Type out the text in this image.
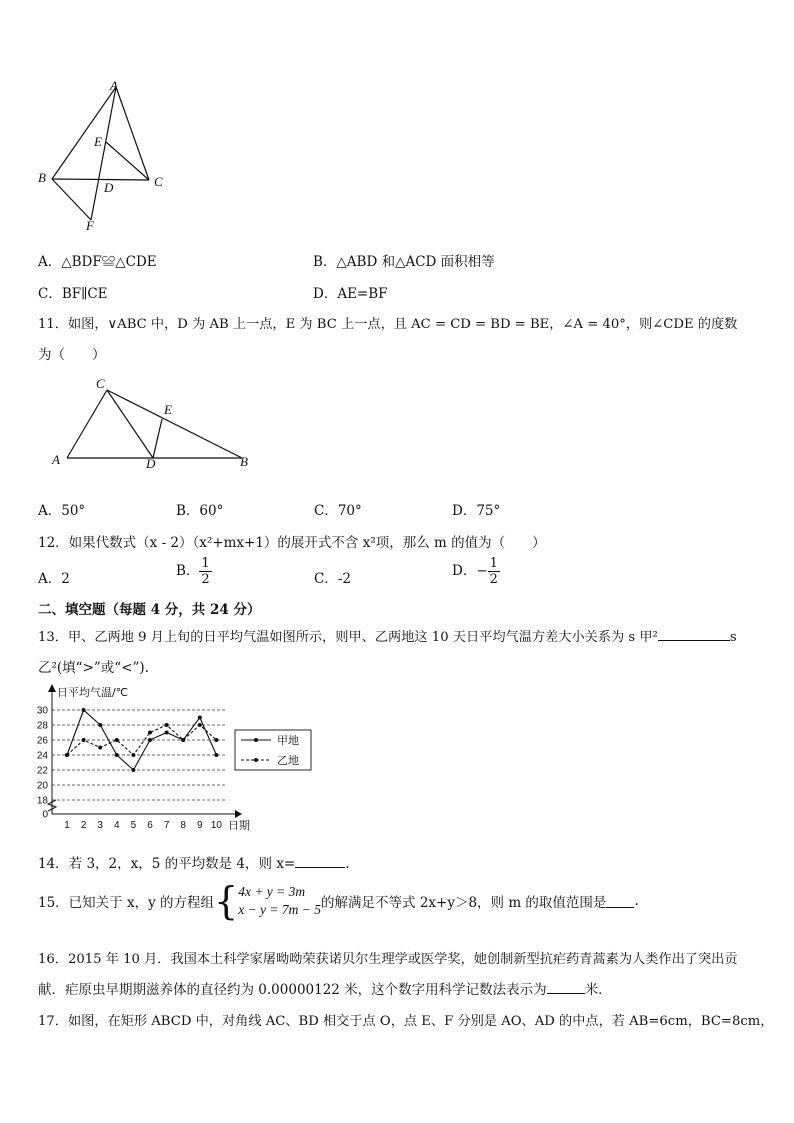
A
B	C
D
E
F
A．△BDF≌△CDE	B．△ABD 和△ACD 面积相等
C．BF∥CE	D．AE=BF
11．如图，∨ABC 中，D 为 AB 上一点，E 为 BC 上一点，且 AC = CD = BD = BE，∠A = 40°，则∠CDE 的度数
为（　　）
C
A	D
E
B
A．50°	B．60°	C．70°	D．75°
12．如果代数式（x - 2）（x²+mx+1）的展开式不含 x²项，那么 m 的值为（　　）
A．2	B． $\frac{1}{2}$	C．-2	D．− $\frac{1}{2}$
二、填空题（每题 4 分，共 24 分）
13．甲、乙两地 9 月上旬的日平均气温如图所示，则甲、乙两地这 10 天日平均气温方差大小关系为 s 甲²	s
乙²(填“>”或“<”).
0
18
20
22
24
26
28
30
1 2 3 4 5 6 7 8 9 10
日平均气温/℃
日期
甲地
乙地
14．若 3，2，x，5 的平均数是 4，则 x=	.
15．已知关于 x，y 的方程组{ 4x + y = 3m
x − y = 7m − 5 的解满足不等式 2x+y＞8，则 m 的取值范围是 .
16．2015 年 10 月．我国本土科学家屠呦呦荣获诺贝尔生理学或医学奖，她创制新型抗疟药青蒿素为人类作出了突出贡
献．疟原虫早期期滋养体的直径约为 0.00000122 米，这个数字用科学记数法表示为	米．
17．如图，在矩形 ABCD 中，对角线 AC、BD 相交于点 O，点 E、F 分别是 AO、AD 的中点，若 AB=6cm，BC=8cm，
